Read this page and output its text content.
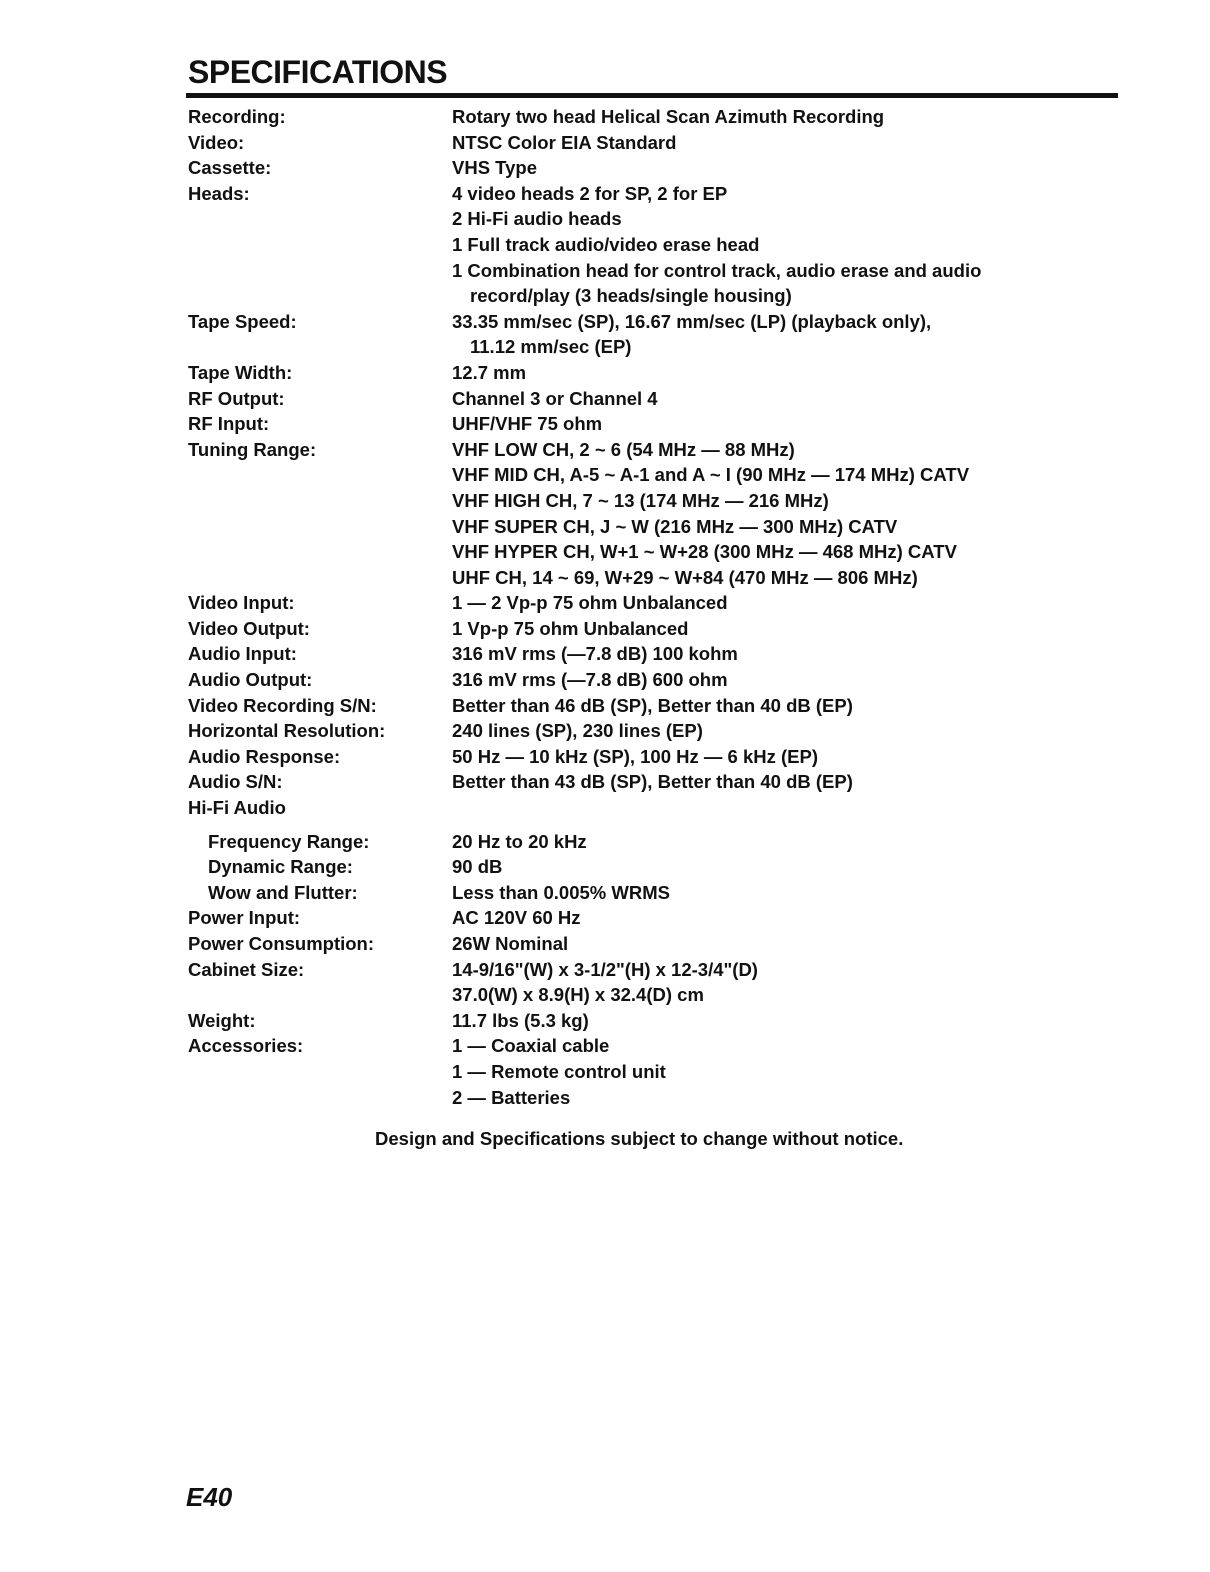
SPECIFICATIONS
Recording:	Rotary two head Helical Scan Azimuth Recording
Video:	NTSC Color EIA Standard
Cassette:	VHS Type
Heads:	4 video heads 2 for SP, 2 for EP
2 Hi-Fi audio heads
1 Full track audio/video erase head
1 Combination head for control track, audio erase and audio
record/play (3 heads/single housing)
Tape Speed:	33.35 mm/sec (SP), 16.67 mm/sec (LP) (playback only),
11.12 mm/sec (EP)
Tape Width:	12.7 mm
RF Output:	Channel 3 or Channel 4
RF Input:	UHF/VHF 75 ohm
Tuning Range:	VHF LOW CH, 2 ~ 6 (54 MHz — 88 MHz)
VHF MID CH, A-5 ~ A-1 and A ~ I (90 MHz — 174 MHz) CATV
VHF HIGH CH, 7 ~ 13 (174 MHz — 216 MHz)
VHF SUPER CH, J ~ W (216 MHz — 300 MHz) CATV
VHF HYPER CH, W+1 ~ W+28 (300 MHz — 468 MHz) CATV
UHF CH, 14 ~ 69, W+29 ~ W+84 (470 MHz — 806 MHz)
Video Input:	1 — 2 Vp-p 75 ohm Unbalanced
Video Output:	1 Vp-p 75 ohm Unbalanced
Audio Input:	316 mV rms (—7.8 dB) 100 kohm
Audio Output:	316 mV rms (—7.8 dB) 600 ohm
Video Recording S/N:	Better than 46 dB (SP), Better than 40 dB (EP)
Horizontal Resolution:	240 lines (SP), 230 lines (EP)
Audio Response:	50 Hz — 10 kHz (SP), 100 Hz — 6 kHz (EP)
Audio S/N:	Better than 43 dB (SP), Better than 40 dB (EP)
Hi-Fi Audio
Frequency Range:	20 Hz to 20 kHz
Dynamic Range:	90 dB
Wow and Flutter:	Less than 0.005% WRMS
Power Input:	AC 120V 60 Hz
Power Consumption:	26W Nominal
Cabinet Size:	14-9/16"(W) x 3-1/2"(H) x 12-3/4"(D)
37.0(W) x 8.9(H) x 32.4(D) cm
Weight:	11.7 lbs (5.3 kg)
Accessories:	1 — Coaxial cable
1 — Remote control unit
2 — Batteries
Design and Specifications subject to change without notice.
E40
